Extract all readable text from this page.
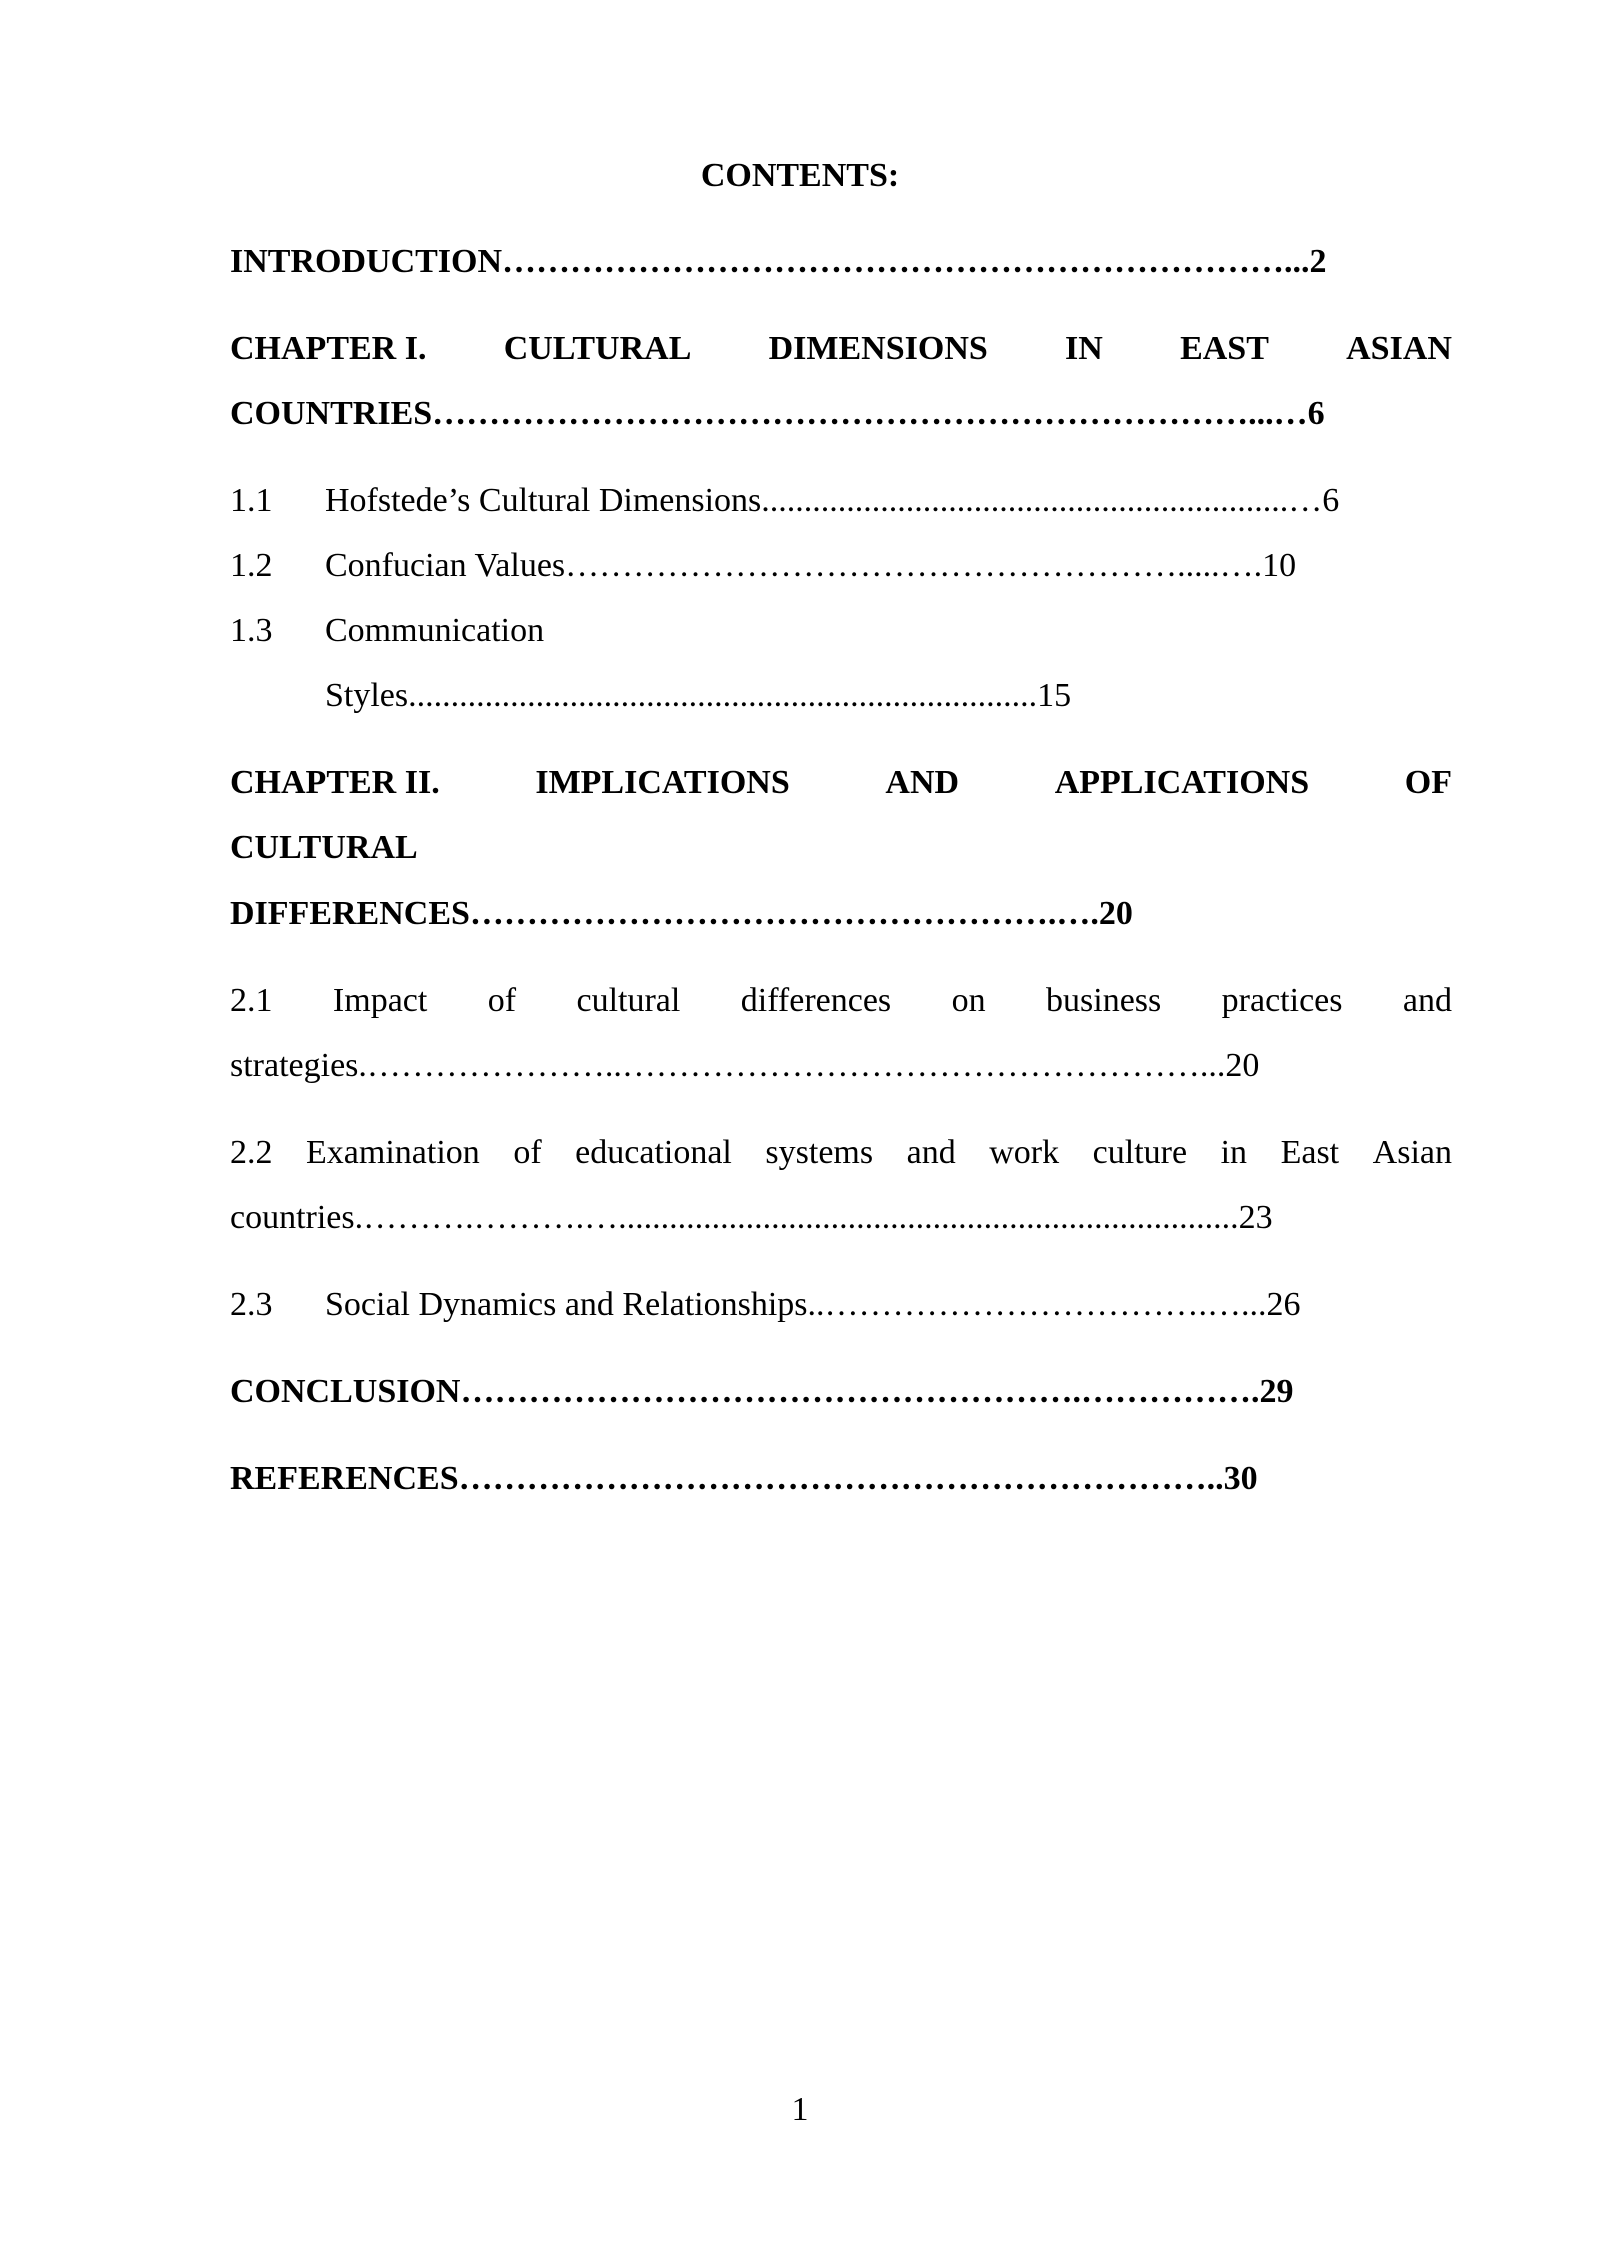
CONTENTS:
INTRODUCTION……………………………………………………………...2
CHAPTER I. CULTURAL DIMENSIONS IN EAST ASIAN
COUNTRIES………………………………………………………………...…6
1.1 Hofstede’s Cultural Dimensions..............................................................…6
1.2 Confucian Values……………………………………………….....….10
1.3 Communication
Styles..........................................................................15
CHAPTER II.	IMPLICATIONS	AND	APPLICATIONS	OF
CULTURAL
DIFFERENCES…………………………………………….….20
2.1 Impact of cultural differences on business practices and
strategies.…………………..……………………………………………...20
2.2 Examination of educational systems and work culture in East Asian
countries.……….……….….........................................................................23
2.3 Social Dynamics and Relationships..…………………………….…...26
CONCLUSION……………………………………………….…………….29
REFERENCES…………………………………………………………..30
1
